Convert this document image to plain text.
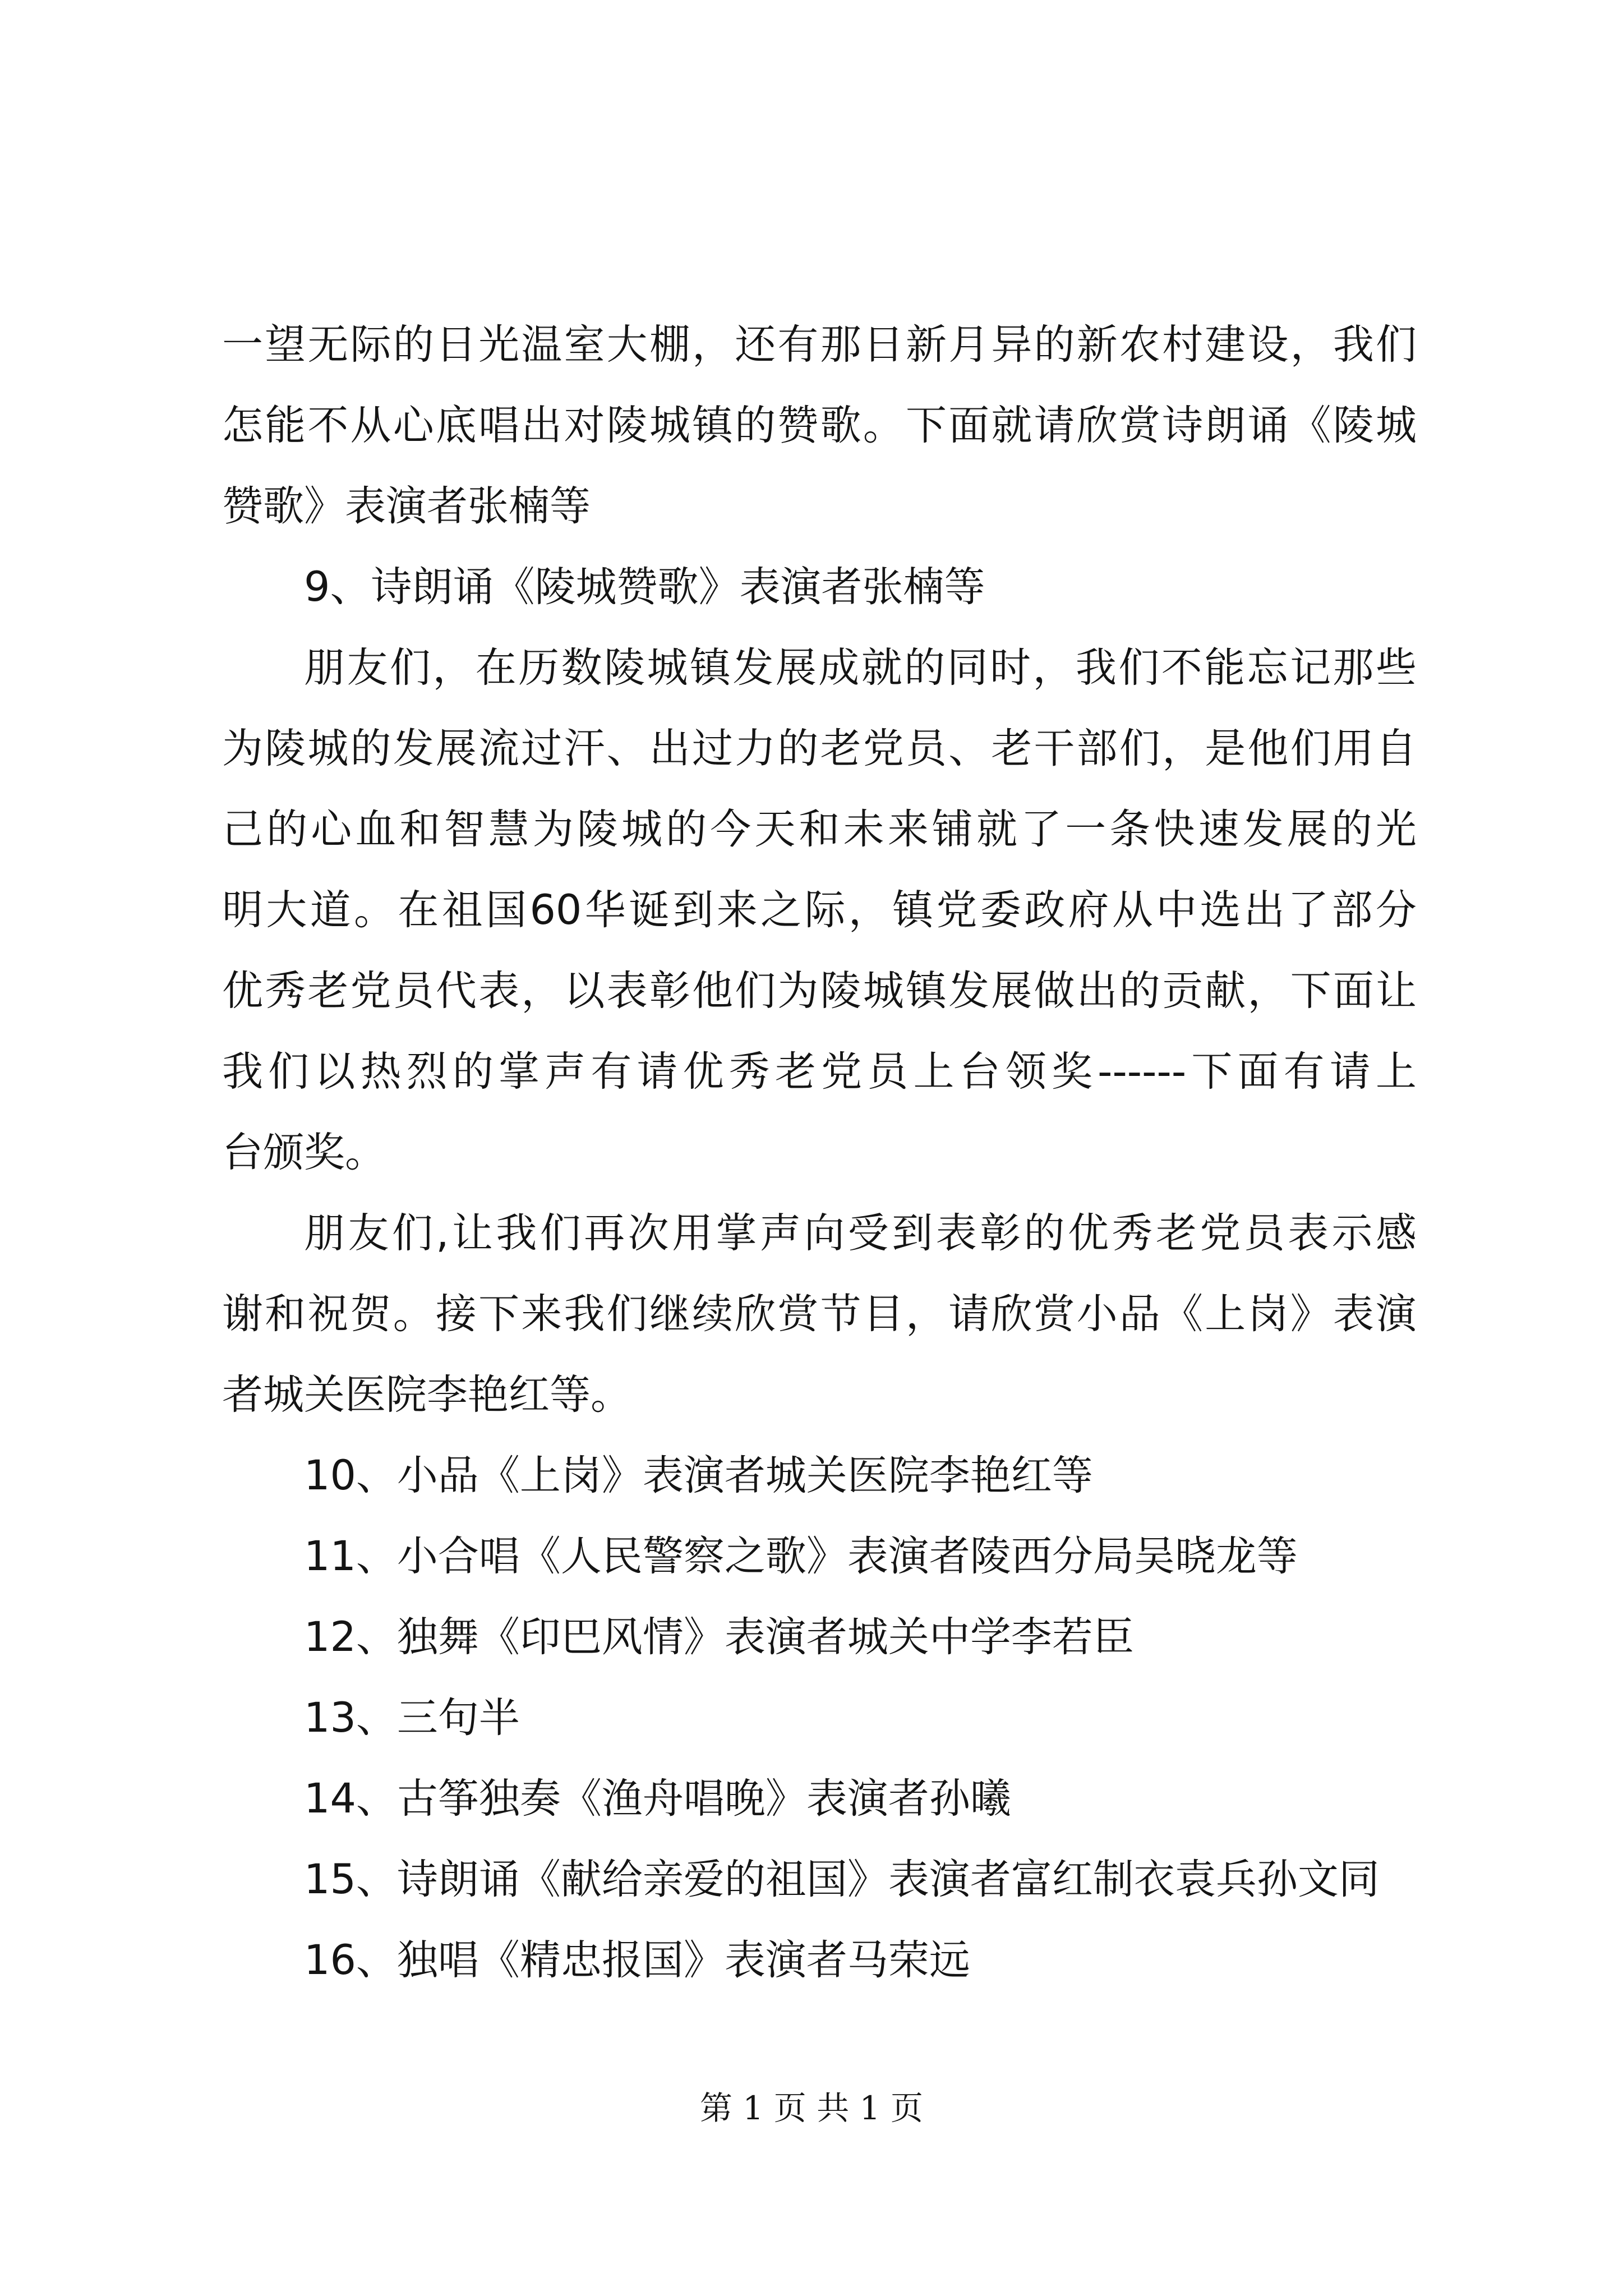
一望无际的日光温室大棚，还有那日新月异的新农村建设，我们
怎能不从心底唱出对陵城镇的赞歌。下面就请欣赏诗朗诵《陵城
赞歌》表演者张楠等
9、诗朗诵《陵城赞歌》表演者张楠等
朋友们，在历数陵城镇发展成就的同时，我们不能忘记那些
为陵城的发展流过汗、出过力的老党员、老干部们，是他们用自
己的心血和智慧为陵城的今天和未来铺就了一条快速发展的光
明大道。在祖国60华诞到来之际，镇党委政府从中选出了部分
优秀老党员代表，以表彰他们为陵城镇发展做出的贡献，下面让
我们以热烈的掌声有请优秀老党员上台领奖------下面有请上
台颁奖。
朋友们,让我们再次用掌声向受到表彰的优秀老党员表示感
谢和祝贺。接下来我们继续欣赏节目，请欣赏小品《上岗》表演
者城关医院李艳红等。
10、小品《上岗》表演者城关医院李艳红等
11、小合唱《人民警察之歌》表演者陵西分局吴晓龙等
12、独舞《印巴风情》表演者城关中学李若臣
13、三句半
14、古筝独奏《渔舟唱晚》表演者孙曦
15、诗朗诵《献给亲爱的祖国》表演者富红制衣袁兵孙文同
16、独唱《精忠报国》表演者马荣远
第 1 页 共 1 页
